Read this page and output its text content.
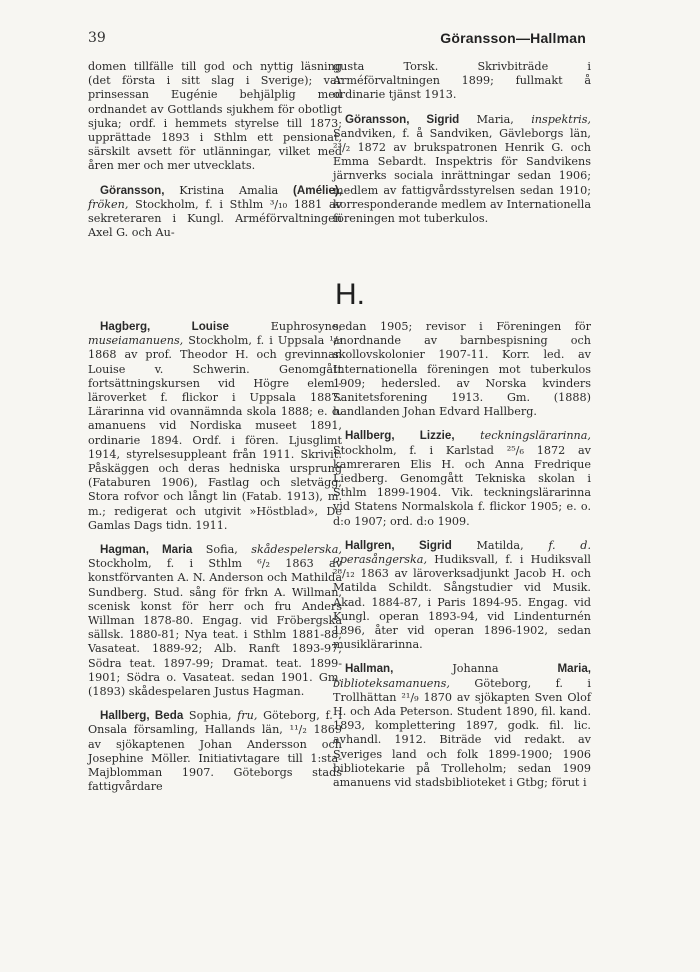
39	Göransson—Hallman

domen tillfälle till god och nyttig läsning (det första i sitt slag i Sverige); var prinsessan Eugénie behjälplig med ordnandet av Gottlands sjukhem för obotligt sjuka; ordf. i hemmets styrelse till 1873; upprättade 1893 i Sthlm ett pensionat, särskilt avsett för utlänningar, vilket med åren mer och mer utvecklats.

Göransson, Kristina Amalia (Amélie), fröken, Stockholm, f. i Sthlm ³/₁₀ 1881 av sekreteraren i Kungl. Arméförvaltningen Axel G. och Au-

gusta Torsk. Skrivbiträde i Arméförvaltningen 1899; fullmakt å ordinarie tjänst 1913.

Göransson, Sigrid Maria, inspektris, Sandviken, f. å Sandviken, Gävleborgs län, ²³/₂ 1872 av brukspatronen Henrik G. och Emma Sebardt. Inspektris för Sandvikens järnverks sociala inrättningar sedan 1906; medlem av fattigvårdsstyrelsen sedan 1910; korresponderande medlem av Internationella föreningen mot tuberkulos.

H.

Hagberg, Louise Euphrosyne, museiamanuens, Stockholm, f. i Uppsala ¹/₇ 1868 av prof. Theodor H. och grevinnan Louise v. Schwerin. Genomgått fortsättningskursen vid Högre elem.-läroverket f. flickor i Uppsala 1887. Lärarinna vid ovannämnda skola 1888; e. o. amanuens vid Nordiska museet 1891, ordinarie 1894. Ordf. i fören. Ljusglimt 1914, styrelsesuppleant från 1911. Skrivit: Påskäggen och deras hedniska ursprung (Fataburen 1906), Fastlag och sletvägg, Stora rofvor och långt lin (Fatab. 1913), m. m.; redigerat och utgivit »Höstblad», De Gamlas Dags tidn. 1911.

Hagman, Maria Sofia, skådespelerska, Stockholm, f. i Sthlm ⁶/₂ 1863 av konstförvanten A. N. Anderson och Mathilda Sundberg. Stud. sång för frkn A. Willman, scenisk konst för herr och fru Anders Willman 1878-80. Engag. vid Fröbergska sällsk. 1880-81; Nya teat. i Sthlm 1881-88; Vasateat. 1889-92; Alb. Ranft 1893-97; Södra teat. 1897-99; Dramat. teat. 1899-1901; Södra o. Vasateat. sedan 1901. Gm. (1893) skådespelaren Justus Hagman.

Hallberg, Beda Sophia, fru, Göteborg, f. i Onsala församling, Hallands län, ¹¹/₂ 1869 av sjökaptenen Johan Andersson och Josephine Möller. Initiativtagare till 1:sta-Majblomman 1907. Göteborgs stads fattigvårdare

sedan 1905; revisor i Föreningen för anordnande av barnbespisning och skollovskolonier 1907-11. Korr. led. av Internationella föreningen mot tuberkulos 1909; hedersled. av Norska kvinders Sanitetsforening 1913. Gm. (1888) handlanden Johan Edvard Hallberg.

Hallberg, Lizzie, teckningslärarinna, Stockholm, f. i Karlstad ²⁵/₆ 1872 av kamreraren Elis H. och Anna Fredrique Liedberg. Genomgått Tekniska skolan i Sthlm 1899-1904. Vik. teckningslärarinna vid Statens Normalskola f. flickor 1905; e. o. d:o 1907; ord. d:o 1909.

Hallgren, Sigrid Matilda, f. d. operasångerska, Hudiksvall, f. i Hudiksvall ²⁸/₁₂ 1863 av läroverksadjunkt Jacob H. och Matilda Schildt. Sångstudier vid Musik. Akad. 1884-87, i Paris 1894-95. Engag. vid Kungl. operan 1893-94, vid Lindenturnén 1896, åter vid operan 1896-1902, sedan musiklärarinna.

Hallman, Johanna Maria, biblioteksamanuens, Göteborg, f. i Trollhättan ²¹/₉ 1870 av sjökapten Sven Olof H. och Ada Peterson. Student 1890, fil. kand. 1893, komplettering 1897, godk. fil. lic. avhandl. 1912. Biträde vid redakt. av Sveriges land och folk 1899-1900; 1906 bibliotekarie på Trolleholm; sedan 1909 amanuens vid stadsbiblioteket i Gtbg; förut i
